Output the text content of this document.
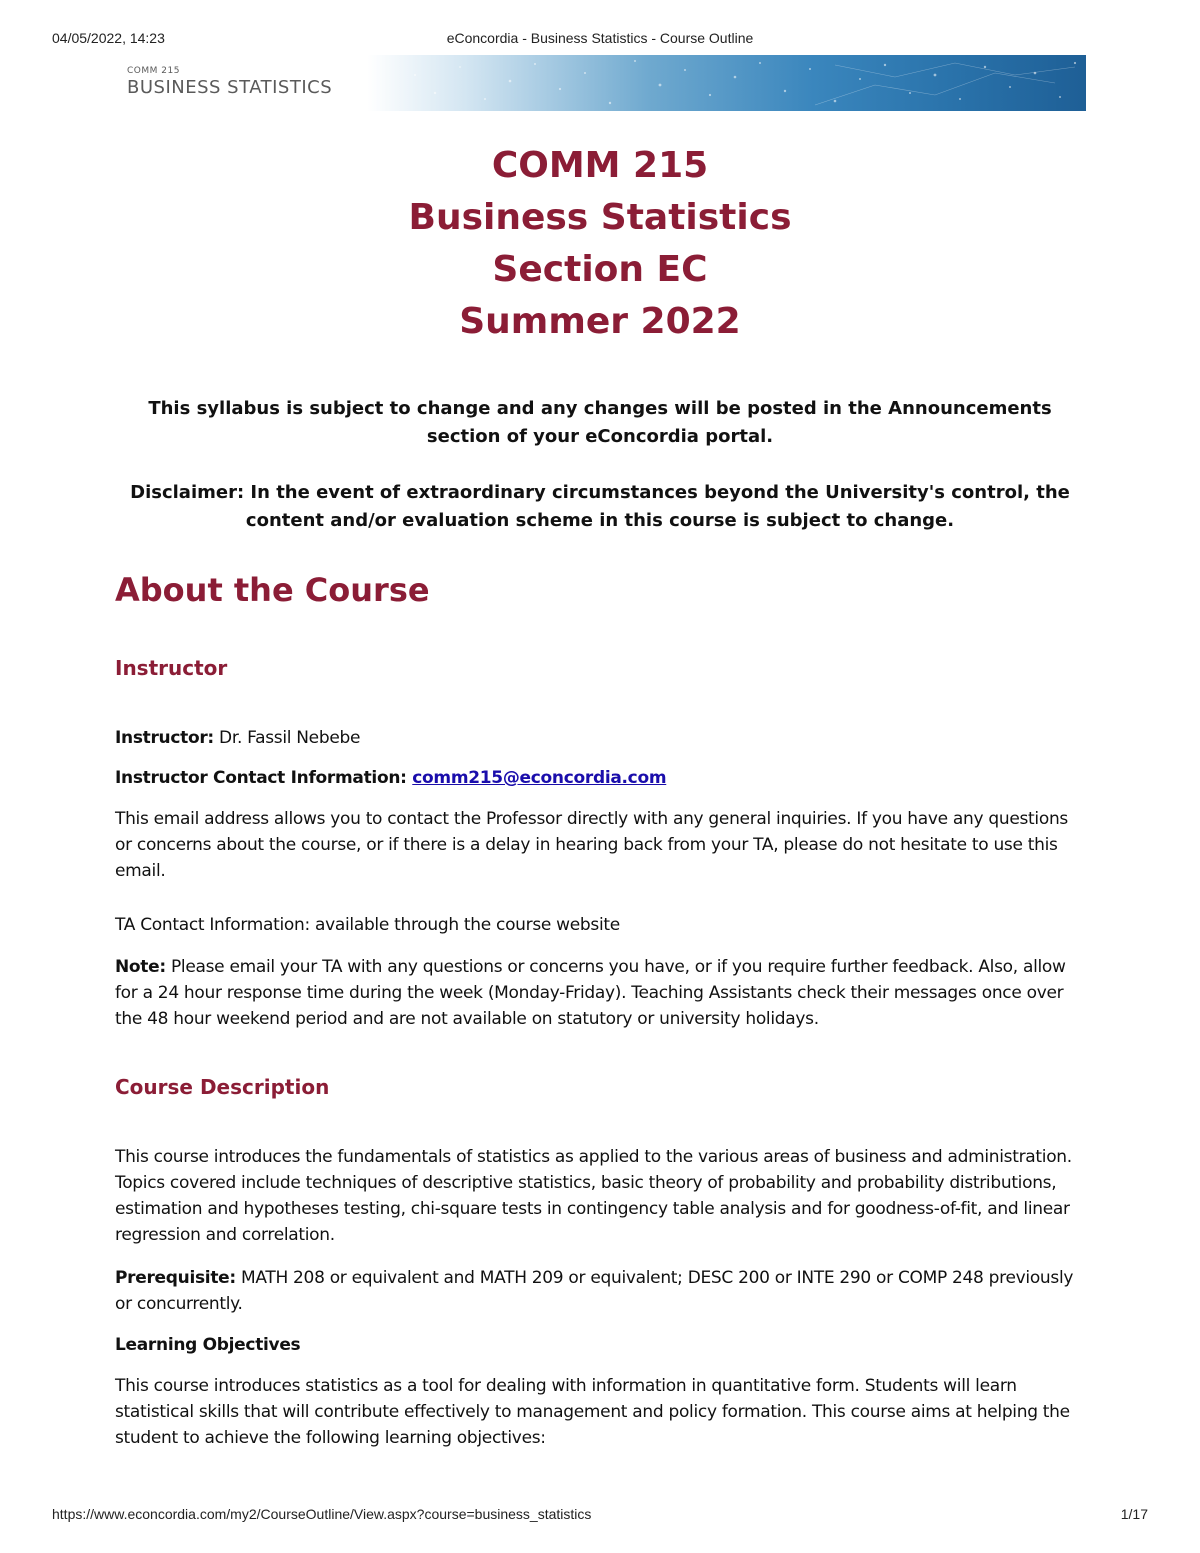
04/05/2022, 14:23	eConcordia - Business Statistics - Course Outline
COMM 215
BUSINESS STATISTICS
COMM 215
Business Statistics
Section EC
Summer 2022

This syllabus is subject to change and any changes will be posted in the Announcements section of your eConcordia portal.

Disclaimer: In the event of extraordinary circumstances beyond the University's control, the content and/or evaluation scheme in this course is subject to change.

About the Course
Instructor

Instructor: Dr. Fassil Nebebe

Instructor Contact Information: comm215@econcordia.com

This email address allows you to contact the Professor directly with any general inquiries. If you have any questions or concerns about the course, or if there is a delay in hearing back from your TA, please do not hesitate to use this email.

TA Contact Information: available through the course website

Note: Please email your TA with any questions or concerns you have, or if you require further feedback. Also, allow for a 24 hour response time during the week (Monday-Friday). Teaching Assistants check their messages once over the 48 hour weekend period and are not available on statutory or university holidays.

Course Description

This course introduces the fundamentals of statistics as applied to the various areas of business and administration. Topics covered include techniques of descriptive statistics, basic theory of probability and probability distributions, estimation and hypotheses testing, chi-square tests in contingency table analysis and for goodness-of-fit, and linear regression and correlation.

Prerequisite: MATH 208 or equivalent and MATH 209 or equivalent; DESC 200 or INTE 290 or COMP 248 previously or concurrently.

Learning Objectives

This course introduces statistics as a tool for dealing with information in quantitative form. Students will learn statistical skills that will contribute effectively to management and policy formation. This course aims at helping the student to achieve the following learning objectives:

https://www.econcordia.com/my2/CourseOutline/View.aspx?course=business_statistics	1/17
